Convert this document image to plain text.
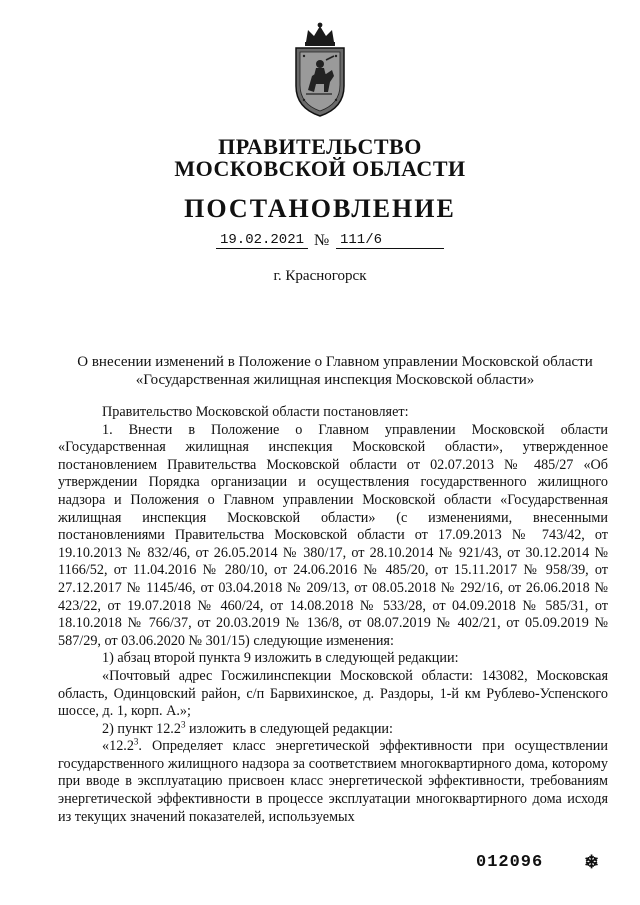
ПРАВИТЕЛЬСТВО
МОСКОВСКОЙ ОБЛАСТИ
ПОСТАНОВЛЕНИЕ
19.02.2021 № 111/6
г. Красногорск
О внесении изменений в Положение о Главном управлении Московской области
«Государственная жилищная инспекция Московской области»

Правительство Московской области постановляет:

1. Внести в Положение о Главном управлении Московской области «Государственная жилищная инспекция Московской области», утвержденное постановлением Правительства Московской области от 02.07.2013 № 485/27 «Об утверждении Порядка организации и осуществления государственного жилищного надзора и Положения о Главном управлении Московской области «Государственная жилищная инспекция Московской области» (с изменениями, внесенными постановлениями Правительства Московской области от 17.09.2013 № 743/42, от 19.10.2013 № 832/46, от 26.05.2014 № 380/17, от 28.10.2014 № 921/43, от 30.12.2014 № 1166/52, от 11.04.2016 № 280/10, от 24.06.2016 № 485/20, от 15.11.2017 № 958/39, от 27.12.2017 № 1145/46, от 03.04.2018 № 209/13, от 08.05.2018 № 292/16, от 26.06.2018 № 423/22, от 19.07.2018 № 460/24, от 14.08.2018 № 533/28, от 04.09.2018 № 585/31, от 18.10.2018 № 766/37, от 20.03.2019 № 136/8, от 08.07.2019 № 402/21, от 05.09.2019 № 587/29, от 03.06.2020 № 301/15) следующие изменения:

1) абзац второй пункта 9 изложить в следующей редакции:

«Почтовый адрес Госжилинспекции Московской области: 143082, Московская область, Одинцовский район, с/п Барвихинское, д. Раздоры, 1-й км Рублево-Успенского шоссе, д. 1, корп. А.»;

2) пункт 12.2$^3$ изложить в следующей редакции:

«12.2$^3$. Определяет класс энергетической эффективности при осуществлении государственного жилищного надзора за соответствием многоквартирного дома, которому при вводе в эксплуатацию присвоен класс энергетической эффективности, требованиям энергетической эффективности в процессе эксплуатации многоквартирного дома исходя из текущих значений показателей, используемых

012096 ❄
